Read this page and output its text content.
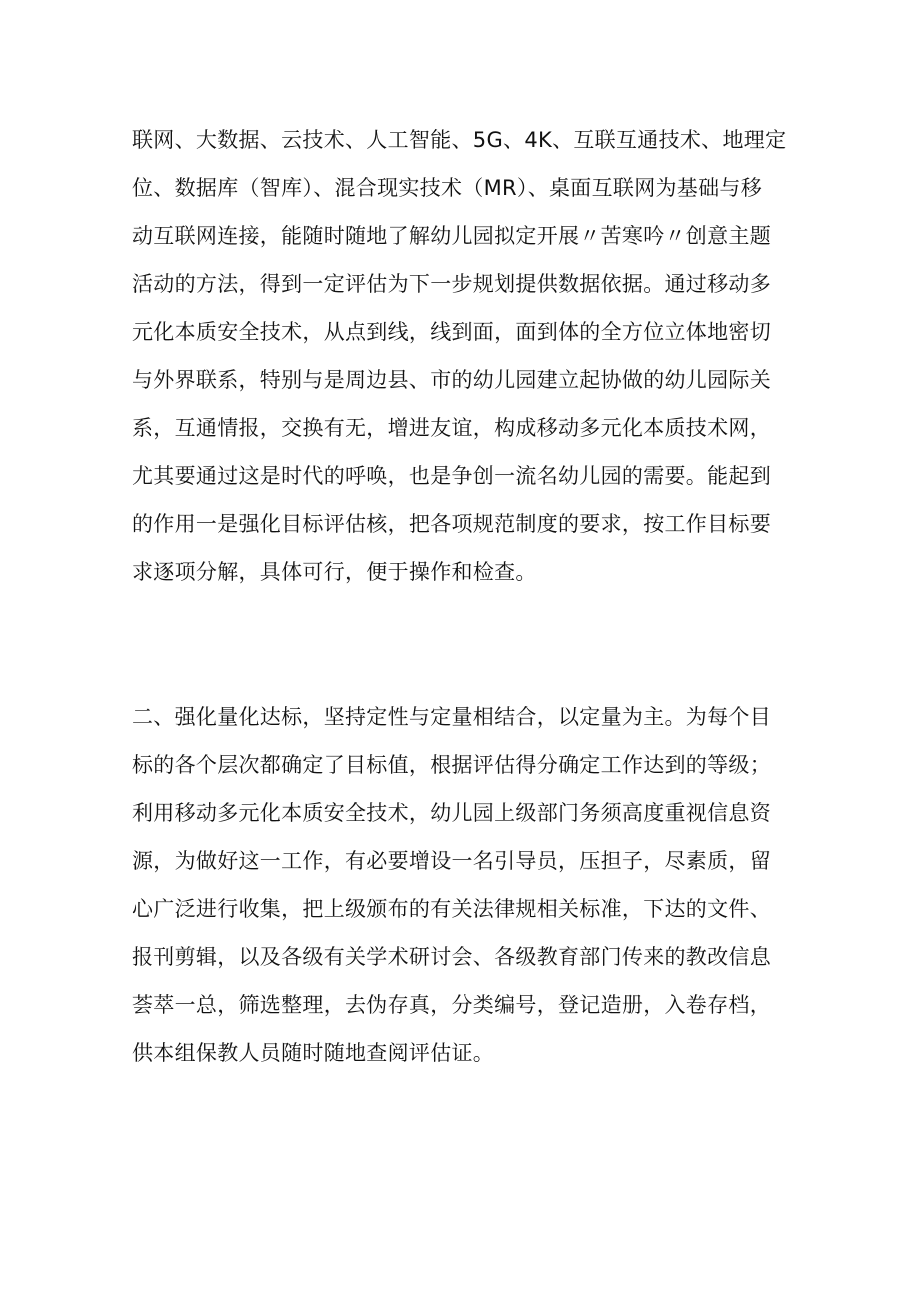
联网、大数据、云技术、人工智能、5G、4K、互联互通技术、地理定
位、数据库（智库）、混合现实技术（MR）、桌面互联网为基础与移
动互联网连接，能随时随地了解幼儿园拟定开展〃苦寒吟〃创意主题
活动的方法，得到一定评估为下一步规划提供数据依据。通过移动多
元化本质安全技术，从点到线，线到面，面到体的全方位立体地密切
与外界联系，特别与是周边县、市的幼儿园建立起协做的幼儿园际关
系，互通情报，交换有无，增进友谊，构成移动多元化本质技术网，
尤其要通过这是时代的呼唤，也是争创一流名幼儿园的需要。能起到
的作用一是强化目标评估核，把各项规范制度的要求，按工作目标要
求逐项分解，具体可行，便于操作和检查。
二、强化量化达标，坚持定性与定量相结合，以定量为主。为每个目
标的各个层次都确定了目标值，根据评估得分确定工作达到的等级；
利用移动多元化本质安全技术，幼儿园上级部门务须高度重视信息资
源，为做好这一工作，有必要增设一名引导员，压担子，尽素质，留
心广泛进行收集，把上级颁布的有关法律规相关标准，下达的文件、
报刊剪辑，以及各级有关学术研讨会、各级教育部门传来的教改信息
荟萃一总，筛选整理，去伪存真，分类编号，登记造册，入卷存档，
供本组保教人员随时随地查阅评估证。
